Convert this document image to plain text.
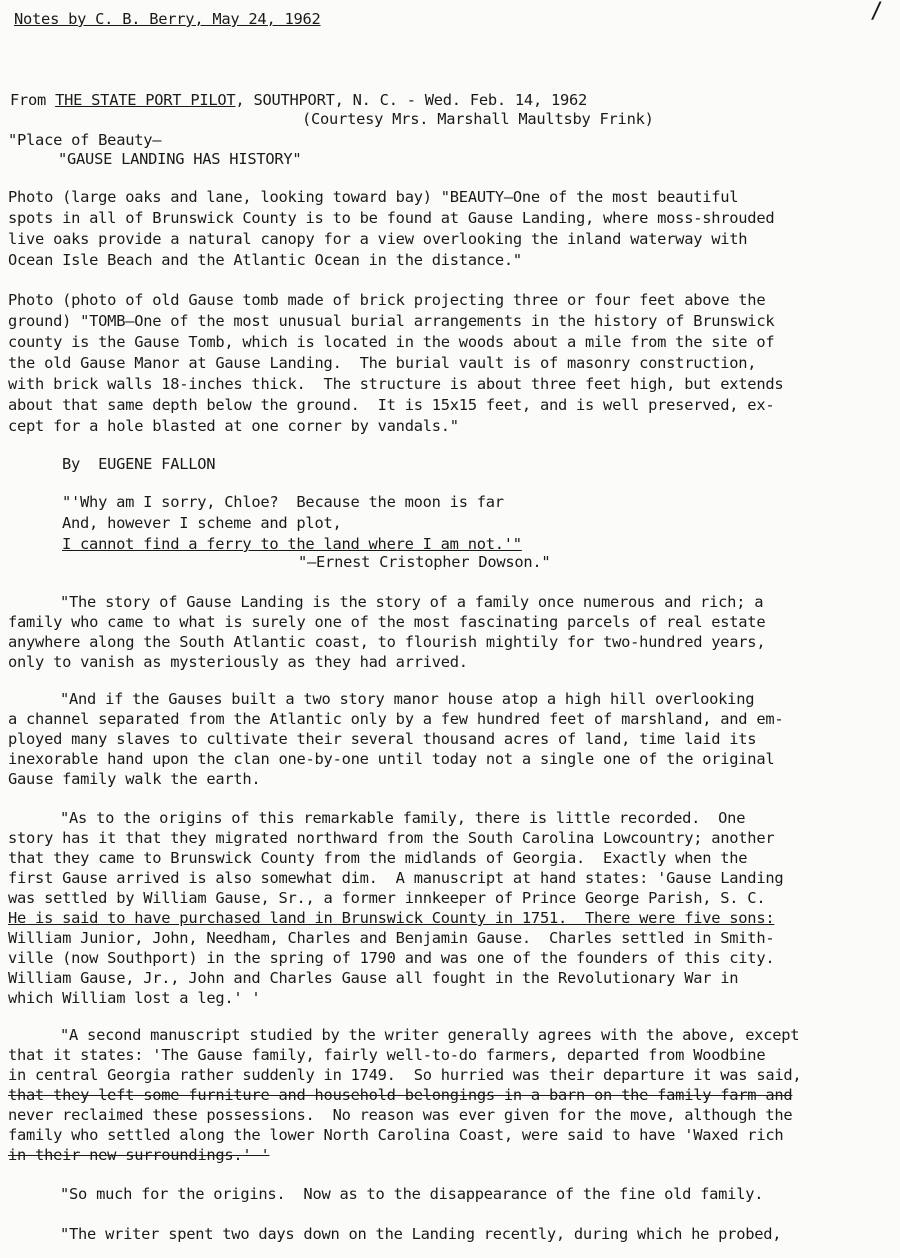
Notes by C. B. Berry, May 24, 1962	/
From THE STATE PORT PILOT, SOUTHPORT, N. C. - Wed. Feb. 14, 1962
(Courtesy Mrs. Marshall Maultsby Frink)
"Place of Beauty—
"GAUSE LANDING HAS HISTORY"
Photo (large oaks and lane, looking toward bay) "BEAUTY—One of the most beautiful
spots in all of Brunswick County is to be found at Gause Landing, where moss-shrouded
live oaks provide a natural canopy for a view overlooking the inland waterway with
Ocean Isle Beach and the Atlantic Ocean in the distance."
Photo (photo of old Gause tomb made of brick projecting three or four feet above the
ground) "TOMB—One of the most unusual burial arrangements in the history of Brunswick
county is the Gause Tomb, which is located in the woods about a mile from the site of
the old Gause Manor at Gause Landing.  The burial vault is of masonry construction,
with brick walls 18-inches thick.  The structure is about three feet high, but extends
about that same depth below the ground.  It is 15x15 feet, and is well preserved, ex-
cept for a hole blasted at one corner by vandals."
By  EUGENE FALLON
"'Why am I sorry, Chloe?  Because the moon is far
And, however I scheme and plot,
I cannot find a ferry to the land where I am not.'"
"—Ernest Cristopher Dowson."
"The story of Gause Landing is the story of a family once numerous and rich; a
family who came to what is surely one of the most fascinating parcels of real estate
anywhere along the South Atlantic coast, to flourish mightily for two-hundred years,
only to vanish as mysteriously as they had arrived.
"And if the Gauses built a two story manor house atop a high hill overlooking
a channel separated from the Atlantic only by a few hundred feet of marshland, and em-
ployed many slaves to cultivate their several thousand acres of land, time laid its
inexorable hand upon the clan one-by-one until today not a single one of the original
Gause family walk the earth.
"As to the origins of this remarkable family, there is little recorded.  One
story has it that they migrated northward from the South Carolina Lowcountry; another
that they came to Brunswick County from the midlands of Georgia.  Exactly when the
first Gause arrived is also somewhat dim.  A manuscript at hand states: 'Gause Landing
was settled by William Gause, Sr., a former innkeeper of Prince George Parish, S. C.
He is said to have purchased land in Brunswick County in 1751.  There were five sons:
William Junior, John, Needham, Charles and Benjamin Gause.  Charles settled in Smith-
ville (now Southport) in the spring of 1790 and was one of the founders of this city.
William Gause, Jr., John and Charles Gause all fought in the Revolutionary War in
which William lost a leg.' '
"A second manuscript studied by the writer generally agrees with the above, except
that it states: 'The Gause family, fairly well-to-do farmers, departed from Woodbine
in central Georgia rather suddenly in 1749.  So hurried was their departure it was said,
that they left some furniture and household belongings in a barn on the family farm and
never reclaimed these possessions.  No reason was ever given for the move, although the
family who settled along the lower North Carolina Coast, were said to have 'Waxed rich
in their new surroundings.' '
"So much for the origins.  Now as to the disappearance of the fine old family.
"The writer spent two days down on the Landing recently, during which he probed,
